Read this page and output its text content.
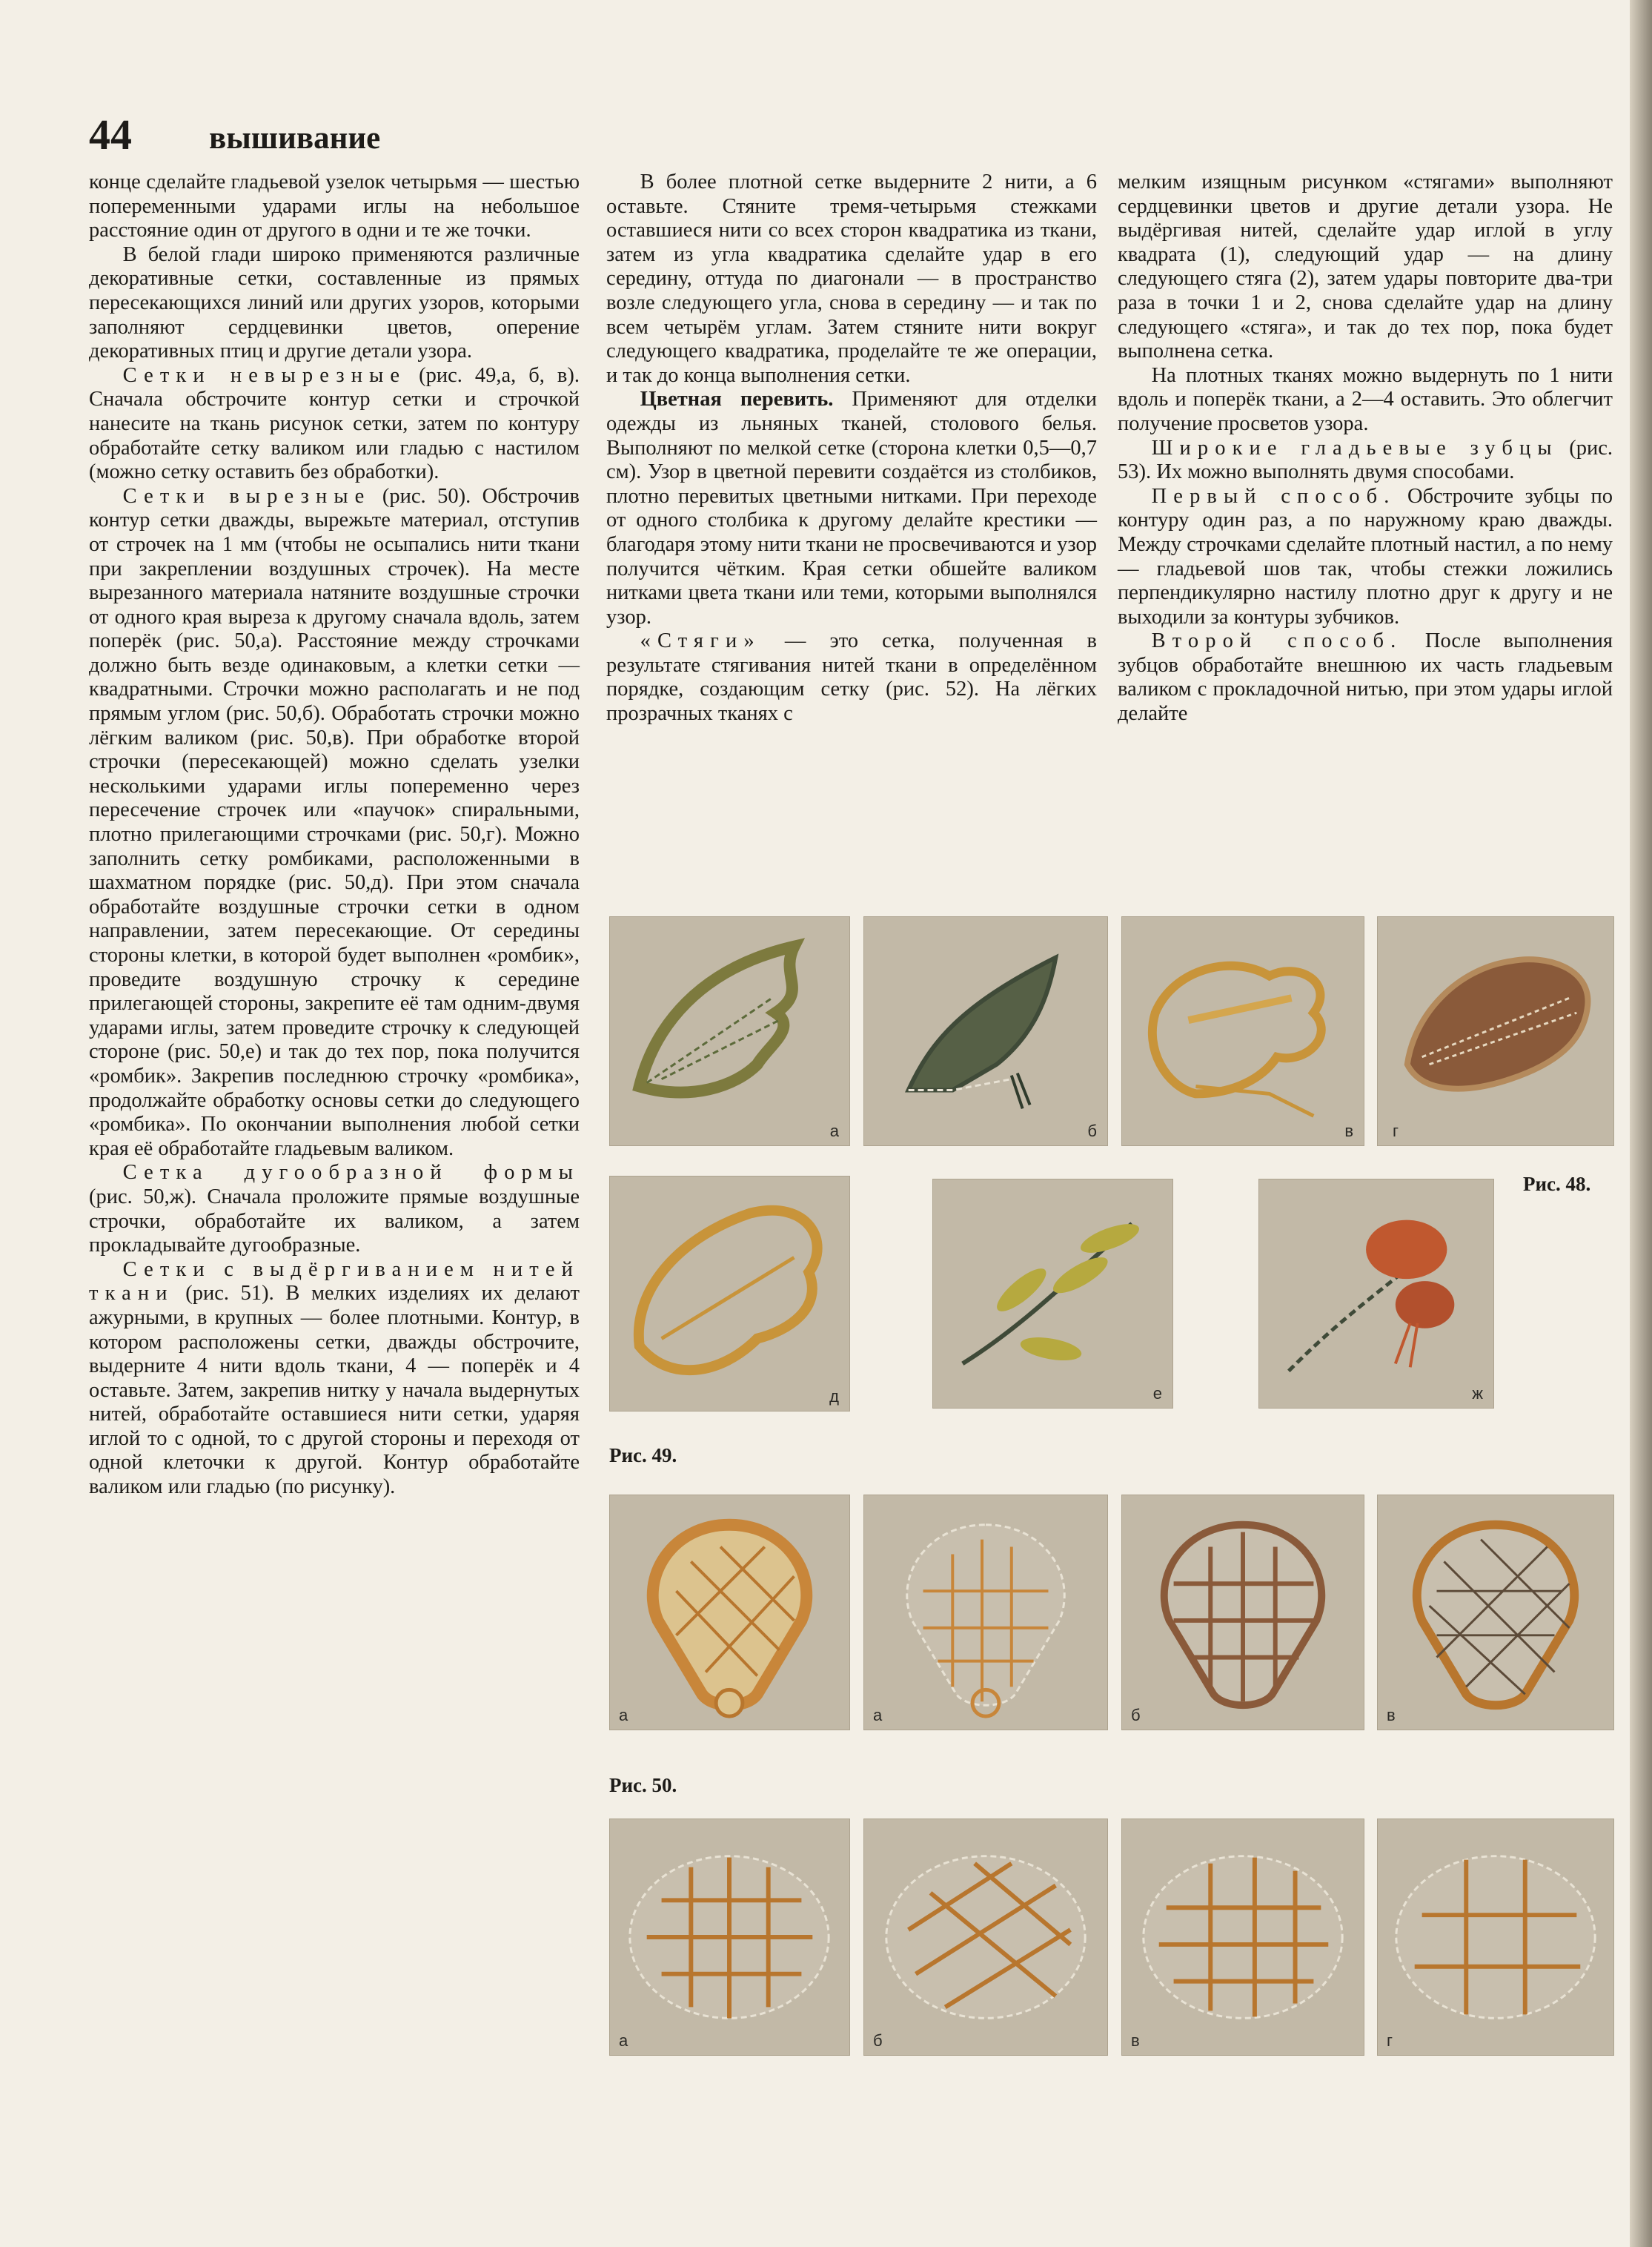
44 вышивание

конце сделайте гладьевой узелок четырьмя — шестью попеременными ударами иглы на небольшое расстояние один от другого в одни и те же точки.

В белой глади широко применяются различные декоративные сетки, составленные из прямых пересекающихся линий или других узоров, которыми заполняют сердцевинки цветов, оперение декоративных птиц и другие детали узора.

Сетки невырезные (рис. 49,а, б, в). Сначала обстрочите контур сетки и строчкой нанесите на ткань рисунок сетки, затем по контуру обработайте сетку валиком или гладью с настилом (можно сетку оставить без обработки).

Сетки вырезные (рис. 50). Обстрочив контур сетки дважды, вырежьте материал, отступив от строчек на 1 мм (чтобы не осыпались нити ткани при закреплении воздушных строчек). На месте вырезанного материала натяните воздушные строчки от одного края выреза к другому сначала вдоль, затем поперёк (рис. 50,а). Расстояние между строчками должно быть везде одинаковым, а клетки сетки — квадратными. Строчки можно располагать и не под прямым углом (рис. 50,б). Обработать строчки можно лёгким валиком (рис. 50,в). При обработке второй строчки (пересекающей) можно сделать узелки несколькими ударами иглы попеременно через пересечение строчек или «паучок» спиральными, плотно прилегающими строчками (рис. 50,г). Можно заполнить сетку ромбиками, расположенными в шахматном порядке (рис. 50,д). При этом сначала обработайте воздушные строчки сетки в одном направлении, затем пересекающие. От середины стороны клетки, в которой будет выполнен «ромбик», проведите воздушную строчку к середине прилегающей стороны, закрепите её там одним-двумя ударами иглы, затем проведите строчку к следующей стороне (рис. 50,е) и так до тех пор, пока получится «ромбик». Закрепив последнюю строчку «ромбика», продолжайте обработку основы сетки до следующего «ромбика». По окончании выполнения любой сетки края её обработайте гладьевым валиком.

Сетка дугообразной формы (рис. 50,ж). Сначала проложите прямые воздушные строчки, обработайте их валиком, а затем прокладывайте дугообразные.

Сетки с выдёргиванием нитей ткани (рис. 51). В мелких изделиях их делают ажурными, в крупных — более плотными. Контур, в котором расположены сетки, дважды обстрочите, выдерните 4 нити вдоль ткани, 4 — поперёк и 4 оставьте. Затем, закрепив нитку у начала выдернутых нитей, обработайте оставшиеся нити сетки, ударяя иглой то с одной, то с другой стороны и переходя от одной клеточки к другой. Контур обработайте валиком или гладью (по рисунку).

В более плотной сетке выдерните 2 нити, а 6 оставьте. Стяните тремя-четырьмя стежками оставшиеся нити со всех сторон квадратика из ткани, затем из угла квадратика сделайте удар в его середину, оттуда по диагонали — в пространство возле следующего угла, снова в середину — и так по всем четырём углам. Затем стяните нити вокруг следующего квадратика, проделайте те же операции, и так до конца выполнения сетки.

Цветная перевить. Применяют для отделки одежды из льняных тканей, столового белья. Выполняют по мелкой сетке (сторона клетки 0,5—0,7 см). Узор в цветной перевити создаётся из столбиков, плотно перевитых цветными нитками. При переходе от одного столбика к другому делайте крестики — благодаря этому нити ткани не просвечиваются и узор получится чётким. Края сетки обшейте валиком нитками цвета ткани или теми, которыми выполнялся узор.

«Стяги» — это сетка, полученная в результате стягивания нитей ткани в определённом порядке, создающим сетку (рис. 52). На лёгких прозрачных тканях с

мелким изящным рисунком «стягами» выполняют сердцевинки цветов и другие детали узора. Не выдёргивая нитей, сделайте удар иглой в углу квадрата (1), следующий удар — на длину следующего стяга (2), затем удары повторите два-три раза в точки 1 и 2, снова сделайте удар на длину следующего «стяга», и так до тех пор, пока будет выполнена сетка.

На плотных тканях можно выдернуть по 1 нити вдоль и поперёк ткани, а 2—4 оставить. Это облегчит получение просветов узора.

Широкие гладьевые зубцы (рис. 53). Их можно выполнять двумя способами.

Первый способ. Обстрочите зубцы по контуру один раз, а по наружному краю дважды. Между строчками сделайте плотный настил, а по нему — гладьевой шов так, чтобы стежки ложились перпендикулярно настилу плотно друг к другу и не выходили за контуры зубчиков.

Второй способ. После выполнения зубцов обработайте внешнюю их часть гладьевым валиком с прокладочной нитью, при этом удары иглой делайте

а	б	в г
д	е	ж
Рис. 48.
Рис. 49.
а	а	б	в
Рис. 50.
а	б	в	г
